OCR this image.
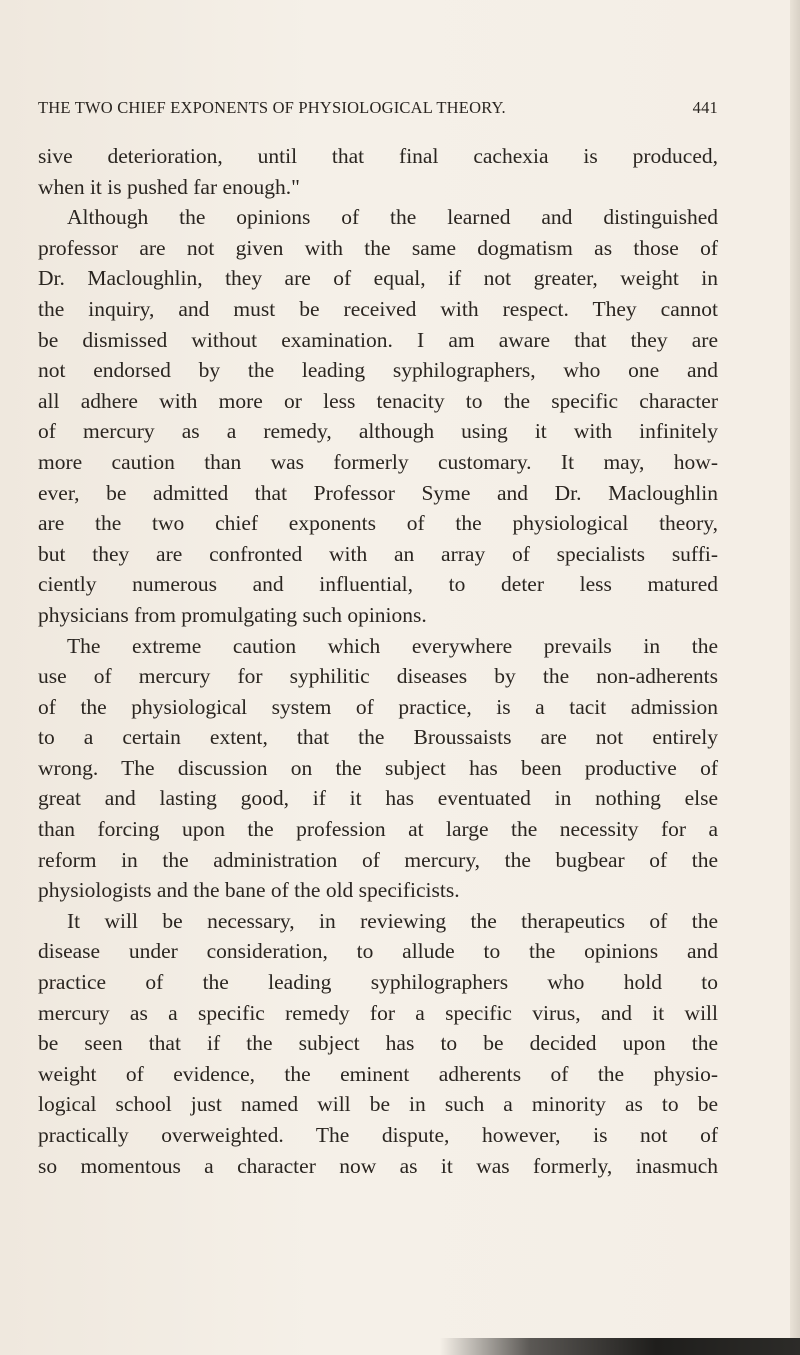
THE TWO CHIEF EXPONENTS OF PHYSIOLOGICAL THEORY.	441
sive deterioration, until that final cachexia is produced,
when it is pushed far enough."
Although the opinions of the learned and distinguished
professor are not given with the same dogmatism as those of
Dr. Macloughlin, they are of equal, if not greater, weight in
the inquiry, and must be received with respect. They cannot
be dismissed without examination. I am aware that they are
not endorsed by the leading syphilographers, who one and
all adhere with more or less tenacity to the specific character
of mercury as a remedy, although using it with infinitely
more caution than was formerly customary. It may, how-
ever, be admitted that Professor Syme and Dr. Macloughlin
are the two chief exponents of the physiological theory,
but they are confronted with an array of specialists suffi-
ciently numerous and influential, to deter less matured
physicians from promulgating such opinions.
The extreme caution which everywhere prevails in the
use of mercury for syphilitic diseases by the non-adherents
of the physiological system of practice, is a tacit admission
to a certain extent, that the Broussaists are not entirely
wrong. The discussion on the subject has been productive of
great and lasting good, if it has eventuated in nothing else
than forcing upon the profession at large the necessity for a
reform in the administration of mercury, the bugbear of the
physiologists and the bane of the old specificists.
It will be necessary, in reviewing the therapeutics of the
disease under consideration, to allude to the opinions and
practice of the leading syphilographers who hold to
mercury as a specific remedy for a specific virus, and it will
be seen that if the subject has to be decided upon the
weight of evidence, the eminent adherents of the physio-
logical school just named will be in such a minority as to be
practically overweighted. The dispute, however, is not of
so momentous a character now as it was formerly, inasmuch
